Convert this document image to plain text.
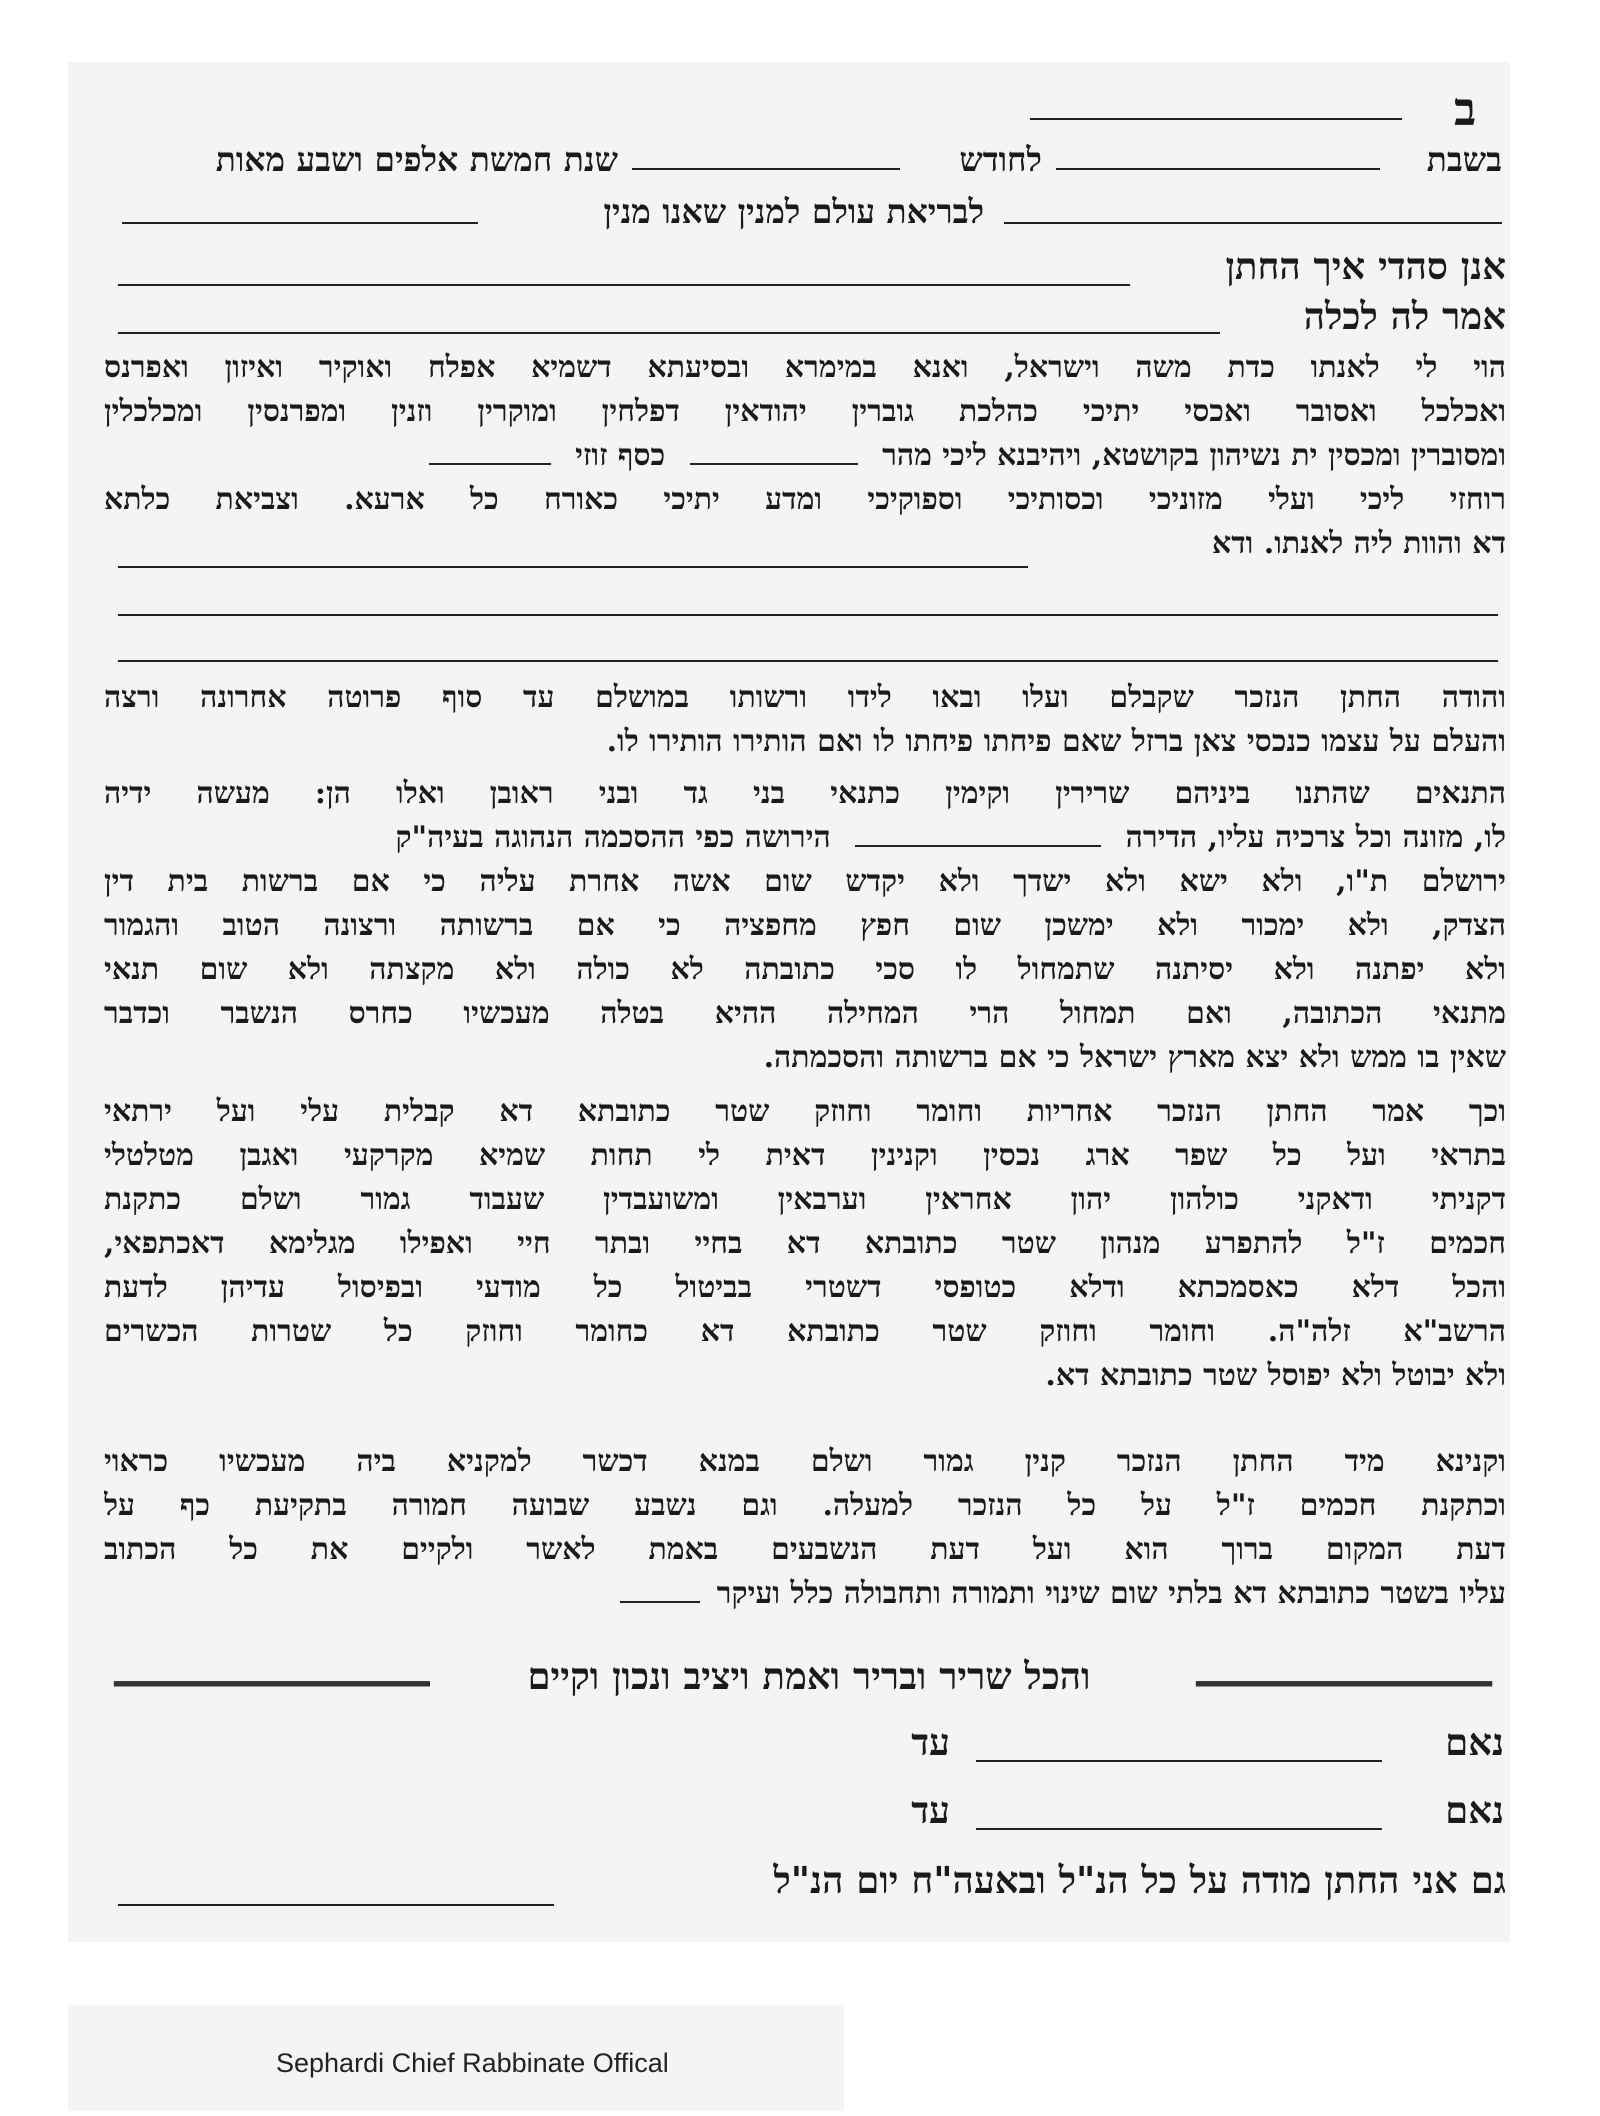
ב
בשבת
לחודש
שנת חמשת אלפים ושבע מאות
לבריאת עולם למנין שאנו מנין
אנן סהדי איך החתן
אמר לה לכלה
הוי לי לאנתו כדת משה וישראל, ואנא במימרא ובסיעתא דשמיא אפלח ואוקיר ואיזון ואפרנס
ואכלכל ואסובר ואכסי יתיכי כהלכת גוברין יהודאין דפלחין ומוקרין וזנין ומפרנסין ומכלכלין
ומסוברין ומכסין ית נשיהון בקושטא, ויהיבנא ליכי מהר  כסף זוזי
רוחזי ליכי ועלי מזוניכי וכסותיכי וספוקיכי ומדע יתיכי כאורח כל ארעא. וצביאת כלתא
דא והוות ליה לאנתו. ודא
והודה החתן הנזכר שקבלם ועלו ובאו לידו ורשותו במושלם עד סוף פרוטה אחרונה ורצה
והעלם על עצמו כנכסי צאן ברזל שאם פיחתו פיחתו לו ואם הותירו הותירו לו.
התנאים שהתנו ביניהם שרירין וקימין כתנאי בני גד ובני ראובן ואלו הן: מעשה ידיה
לו, מזונה וכל צרכיה עליו, הדירה  הירושה כפי ההסכמה הנהוגה בעיה"ק
ירושלם ת"ו, ולא ישא ולא ישדך ולא יקדש שום אשה אחרת עליה כי אם ברשות בית דין
הצדק, ולא ימכור ולא ימשכן שום חפץ מחפציה כי אם ברשותה ורצונה הטוב והגמור
ולא יפתנה ולא יסיתנה שתמחול לו סכי כתובתה לא כולה ולא מקצתה ולא שום תנאי
מתנאי הכתובה, ואם תמחול הרי המחילה ההיא בטלה מעכשיו כחרס הנשבר וכדבר
שאין בו ממש ולא יצא מארץ ישראל כי אם ברשותה והסכמתה.
וכך אמר החתן הנזכר אחריות וחומר וחוזק שטר כתובתא דא קבלית עלי ועל ירתאי
בתראי ועל כל שפר ארג נכסין וקנינין דאית לי תחות שמיא מקרקעי ואגבן מטלטלי
דקניתי ודאקני כולהון יהון אחראין וערבאין ומשועבדין שעבוד גמור ושלם כתקנת
חכמים ז"ל להתפרע מנהון שטר כתובתא דא בחיי ובתר חיי ואפילו מגלימא דאכתפאי,
והכל דלא כאסמכתא ודלא כטופסי דשטרי בביטול כל מודעי ובפיסול עדיהן לדעת
הרשב"א זלה"ה. וחומר וחוזק שטר כתובתא דא כחומר וחוזק כל שטרות הכשרים
ולא יבוטל ולא יפוסל שטר כתובתא דא.
וקנינא מיד החתן הנזכר קנין גמור ושלם במנא דכשר למקניא ביה מעכשיו כראוי
וכתקנת חכמים ז"ל על כל הנזכר למעלה. וגם נשבע שבועה חמורה בתקיעת כף על
דעת המקום ברוך הוא ועל דעת הנשבעים באמת לאשר ולקיים את כל הכתוב
עליו בשטר כתובתא דא בלתי שום שינוי ותמורה ותחבולה כלל ועיקר
▂▂▂▂▂▂▂▂▂▂▂▂▂▂▂▂▂▂▂▂▂▂▂▂▂▂▂▂▂▂
והכל שריר ובריר ואמת ויציב ונכון וקיים
▂▂▂▂▂▂▂▂▂▂▂▂▂▂▂▂▂▂▂▂▂▂▂▂▂▂▂▂▂▂▂▂
נאם
עד
נאם
עד
גם אני החתן מודה על כל הנ"ל ובאעה"ח יום הנ"ל
Sephardi Chief Rabbinate Offical
